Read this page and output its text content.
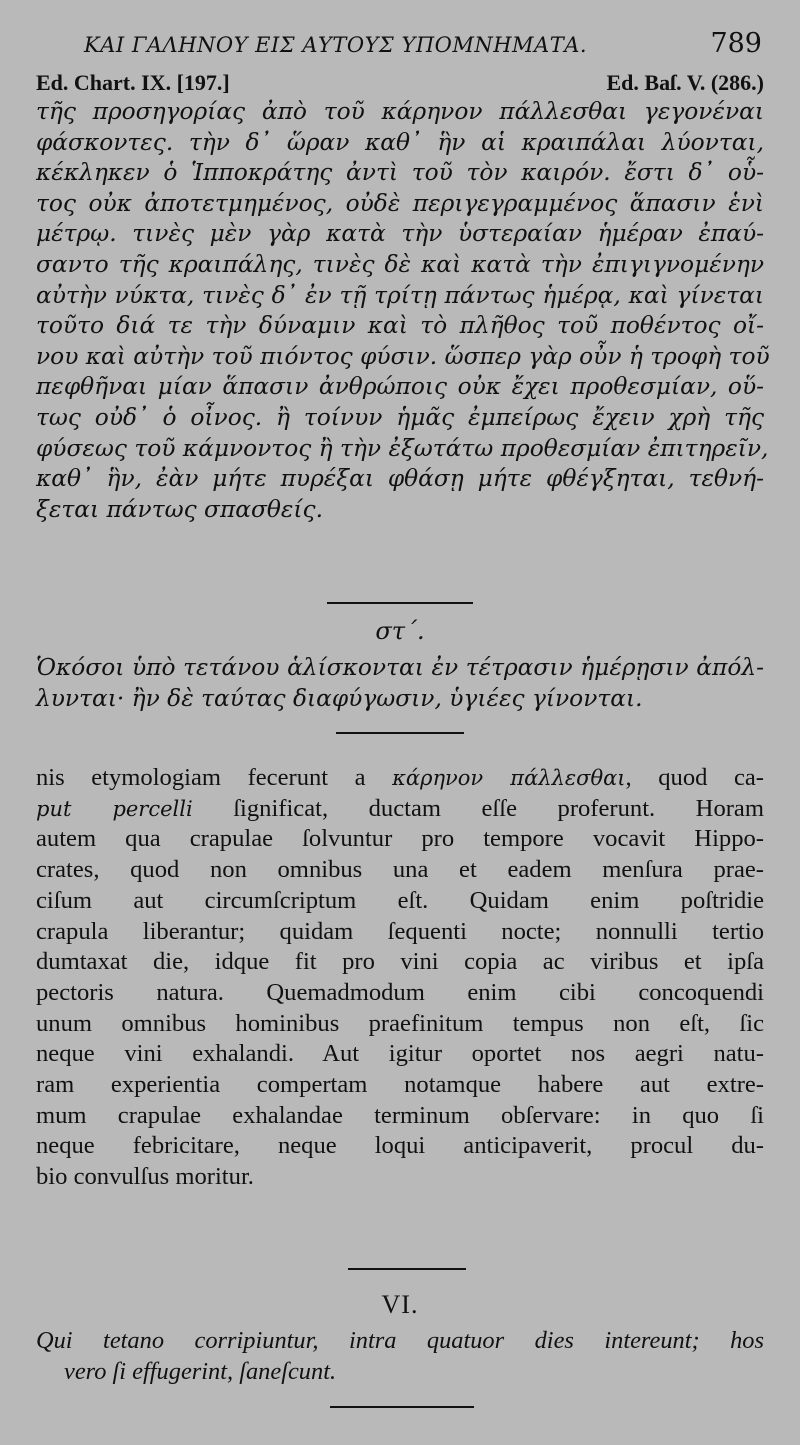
ΚΑΙ ΓΑΛΗΝΟΥ ΕΙΣ ΑΥΤΟΥΣ ΥΠΟΜΝΗΜΑΤΑ.	789
Ed. Chart. IX. [197.]	Ed. Baſ. V. (286.)
τῆς προσηγορίας ἀπὸ τοῦ κάρηνον πάλλεσθαι γεγονέναι
φάσκοντες. τὴν δ᾽ ὥραν καθ᾽ ἣν αἱ κραιπάλαι λύονται,
κέκληκεν ὁ Ἱπποκράτης ἀντὶ τοῦ τὸν καιρόν. ἔστι δ᾽ οὗ-
τος οὐκ ἀποτετμημένος, οὐδὲ περιγεγραμμένος ἅπασιν ἑνὶ
μέτρῳ. τινὲς μὲν γὰρ κατὰ τὴν ὑστεραίαν ἡμέραν ἐπαύ-
σαντο τῆς κραιπάλης, τινὲς δὲ καὶ κατὰ τὴν ἐπιγιγνομένην
αὐτὴν νύκτα, τινὲς δ᾽ ἐν τῇ τρίτῃ πάντως ἡμέρᾳ, καὶ γίνεται
τοῦτο διά τε τὴν δύναμιν καὶ τὸ πλῆθος τοῦ ποθέντος οἴ-
νου καὶ αὐτὴν τοῦ πιόντος φύσιν. ὥσπερ γὰρ οὖν ἡ τροφὴ τοῦ
πεφθῆναι μίαν ἅπασιν ἀνθρώποις οὐκ ἔχει προθεσμίαν, οὕ-
τως οὐδ᾽ ὁ οἶνος. ἢ τοίνυν ἡμᾶς ἐμπείρως ἔχειν χρὴ τῆς
φύσεως τοῦ κάμνοντος ἢ τὴν ἐξωτάτω προθεσμίαν ἐπιτηρεῖν,
καθ᾽ ἣν, ἐὰν μήτε πυρέξαι φθάσῃ μήτε φθέγξηται, τεθνή-
ξεται πάντως σπασθείς.
στ΄.
Ὁκόσοι ὑπὸ τετάνου ἁλίσκονται ἐν τέτρασιν ἡμέρῃσιν ἀπόλ-
λυνται· ἢν δὲ ταύτας διαφύγωσιν, ὑγιέες γίνονται.
nis etymologiam fecerunt a κάρηνον πάλλεσθαι, quod ca-
put percelli ſignificat, ductam eſſe proferunt. Horam
autem qua crapulae ſolvuntur pro tempore vocavit Hippo-
crates, quod non omnibus una et eadem menſura prae-
ciſum aut circumſcriptum eſt. Quidam enim poſtridie
crapula liberantur; quidam ſequenti nocte; nonnulli tertio
dumtaxat die, idque fit pro vini copia ac viribus et ipſa
pectoris natura. Quemadmodum enim cibi concoquendi
unum omnibus hominibus praefinitum tempus non eſt, ſic
neque vini exhalandi. Aut igitur oportet nos aegri natu-
ram experientia compertam notamque habere aut extre-
mum crapulae exhalandae terminum obſervare: in quo ſi
neque febricitare, neque loqui anticipaverit, procul du-
bio convulſus moritur.
VI.
Qui tetano corripiuntur, intra quatuor dies intereunt; hos
vero ſi effugerint, ſaneſcunt.
